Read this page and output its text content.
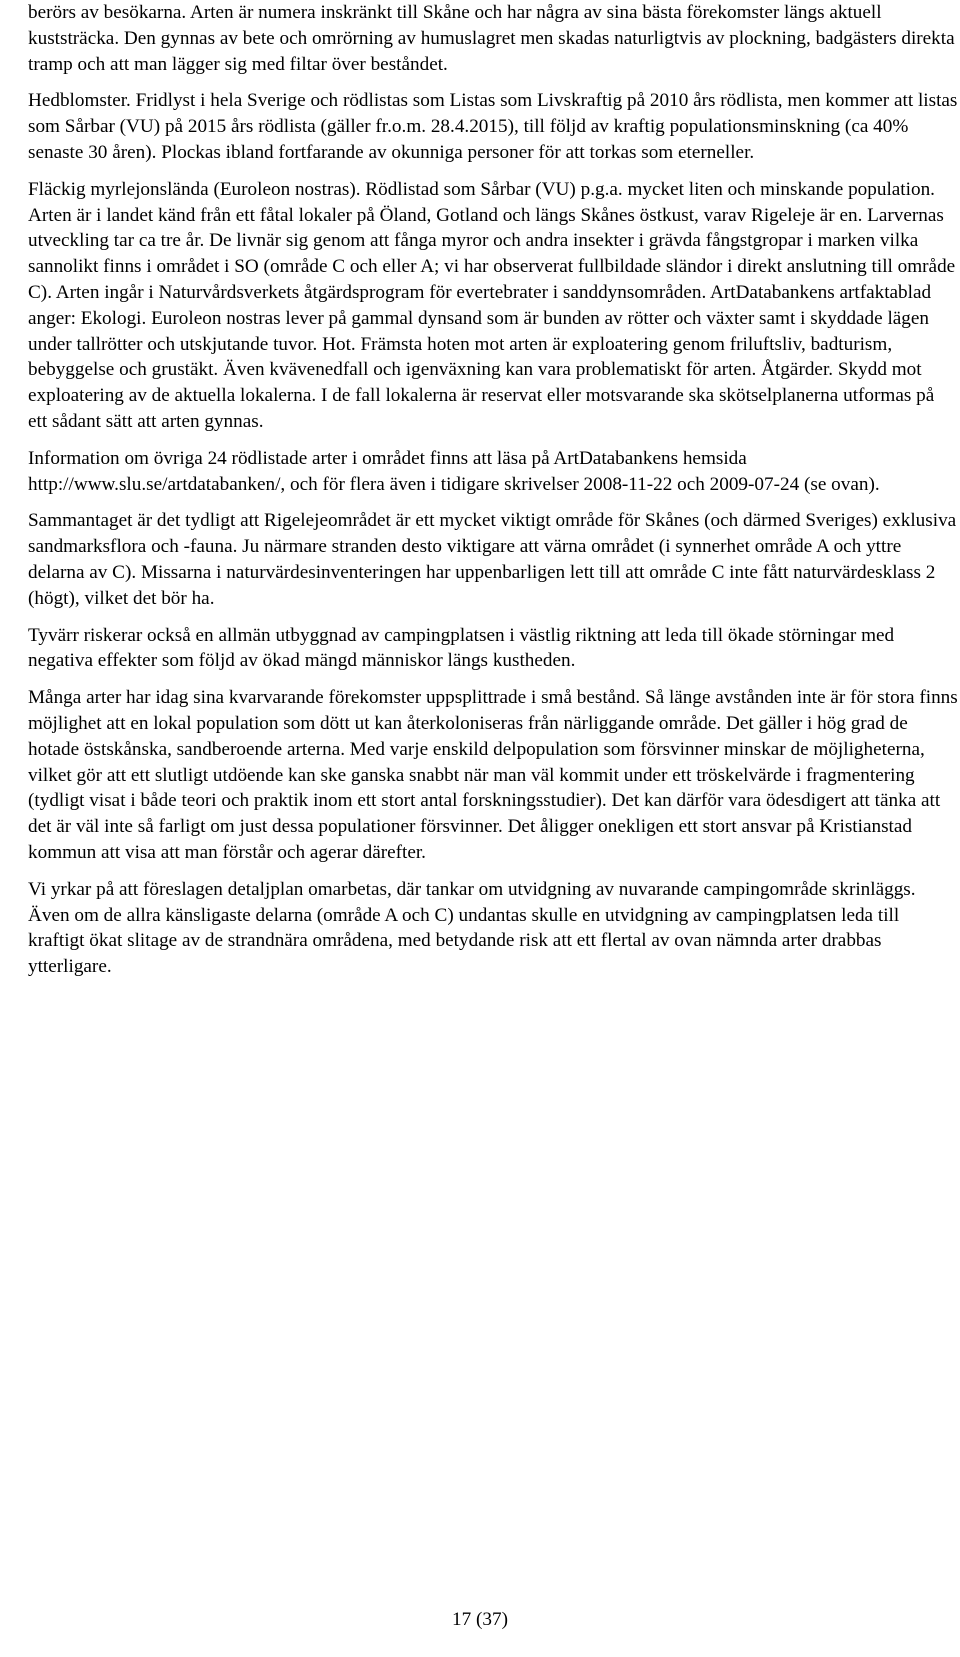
berörs av besökarna. Arten är numera inskränkt till Skåne och har några av sina bästa förekomster längs aktuell kuststräcka. Den gynnas av bete och omrörning av humuslagret men skadas naturligtvis av plockning, badgästers direkta tramp och att man lägger sig med filtar över beståndet.

Hedblomster. Fridlyst i hela Sverige och rödlistas som Listas som Livskraftig på 2010 års rödlista, men kommer att listas som Sårbar (VU) på 2015 års rödlista (gäller fr.o.m. 28.4.2015), till följd av kraftig populationsminskning (ca 40% senaste 30 åren). Plockas ibland fortfarande av okunniga personer för att torkas som eterneller.

Fläckig myrlejonslända (Euroleon nostras). Rödlistad som Sårbar (VU) p.g.a. mycket liten och minskande population. Arten är i landet känd från ett fåtal lokaler på Öland, Gotland och längs Skånes östkust, varav Rigeleje är en. Larvernas utveckling tar ca tre år. De livnär sig genom att fånga myror och andra insekter i grävda fångstgropar i marken vilka sannolikt finns i området i SO (område C och eller A; vi har observerat fullbildade sländor i direkt anslutning till område C). Arten ingår i Naturvårdsverkets åtgärdsprogram för evertebrater i sanddynsområden. ArtDatabankens artfaktablad anger: Ekologi. Euroleon nostras lever på gammal dynsand som är bunden av rötter och växter samt i skyddade lägen under tallrötter och utskjutande tuvor. Hot. Främsta hoten mot arten är exploatering genom friluftsliv, badturism, bebyggelse och grustäkt. Även kvävenedfall och igenväxning kan vara problematiskt för arten. Åtgärder. Skydd mot exploatering av de aktuella lokalerna. I de fall lokalerna är reservat eller motsvarande ska skötselplanerna utformas på ett sådant sätt att arten gynnas.

Information om övriga 24 rödlistade arter i området finns att läsa på ArtDatabankens hemsida http://www.slu.se/artdatabanken/, och för flera även i tidigare skrivelser 2008-11-22 och 2009-07-24 (se ovan).

Sammantaget är det tydligt att Rigelejeområdet är ett mycket viktigt område för Skånes (och därmed Sveriges) exklusiva sandmarksflora och -fauna. Ju närmare stranden desto viktigare att värna området (i synnerhet område A och yttre delarna av C). Missarna i naturvärdesinventeringen har uppenbarligen lett till att område C inte fått naturvärdesklass 2 (högt), vilket det bör ha.

Tyvärr riskerar också en allmän utbyggnad av campingplatsen i västlig riktning att leda till ökade störningar med negativa effekter som följd av ökad mängd människor längs kustheden.

Många arter har idag sina kvarvarande förekomster uppsplittrade i små bestånd. Så länge avstånden inte är för stora finns möjlighet att en lokal population som dött ut kan återkoloniseras från närliggande område. Det gäller i hög grad de hotade östskånska, sandberoende arterna. Med varje enskild delpopulation som försvinner minskar de möjligheterna, vilket gör att ett slutligt utdöende kan ske ganska snabbt när man väl kommit under ett tröskelvärde i fragmentering (tydligt visat i både teori och praktik inom ett stort antal forskningsstudier). Det kan därför vara ödesdigert att tänka att det är väl inte så farligt om just dessa populationer försvinner. Det åligger onekligen ett stort ansvar på Kristianstad kommun att visa att man förstår och agerar därefter.

Vi yrkar på att föreslagen detaljplan omarbetas, där tankar om utvidgning av nuvarande campingområde skrinläggs. Även om de allra känsligaste delarna (område A och C) undantas skulle en utvidgning av campingplatsen leda till kraftigt ökat slitage av de strandnära områdena, med betydande risk att ett flertal av ovan nämnda arter drabbas ytterligare.

17 (37)
